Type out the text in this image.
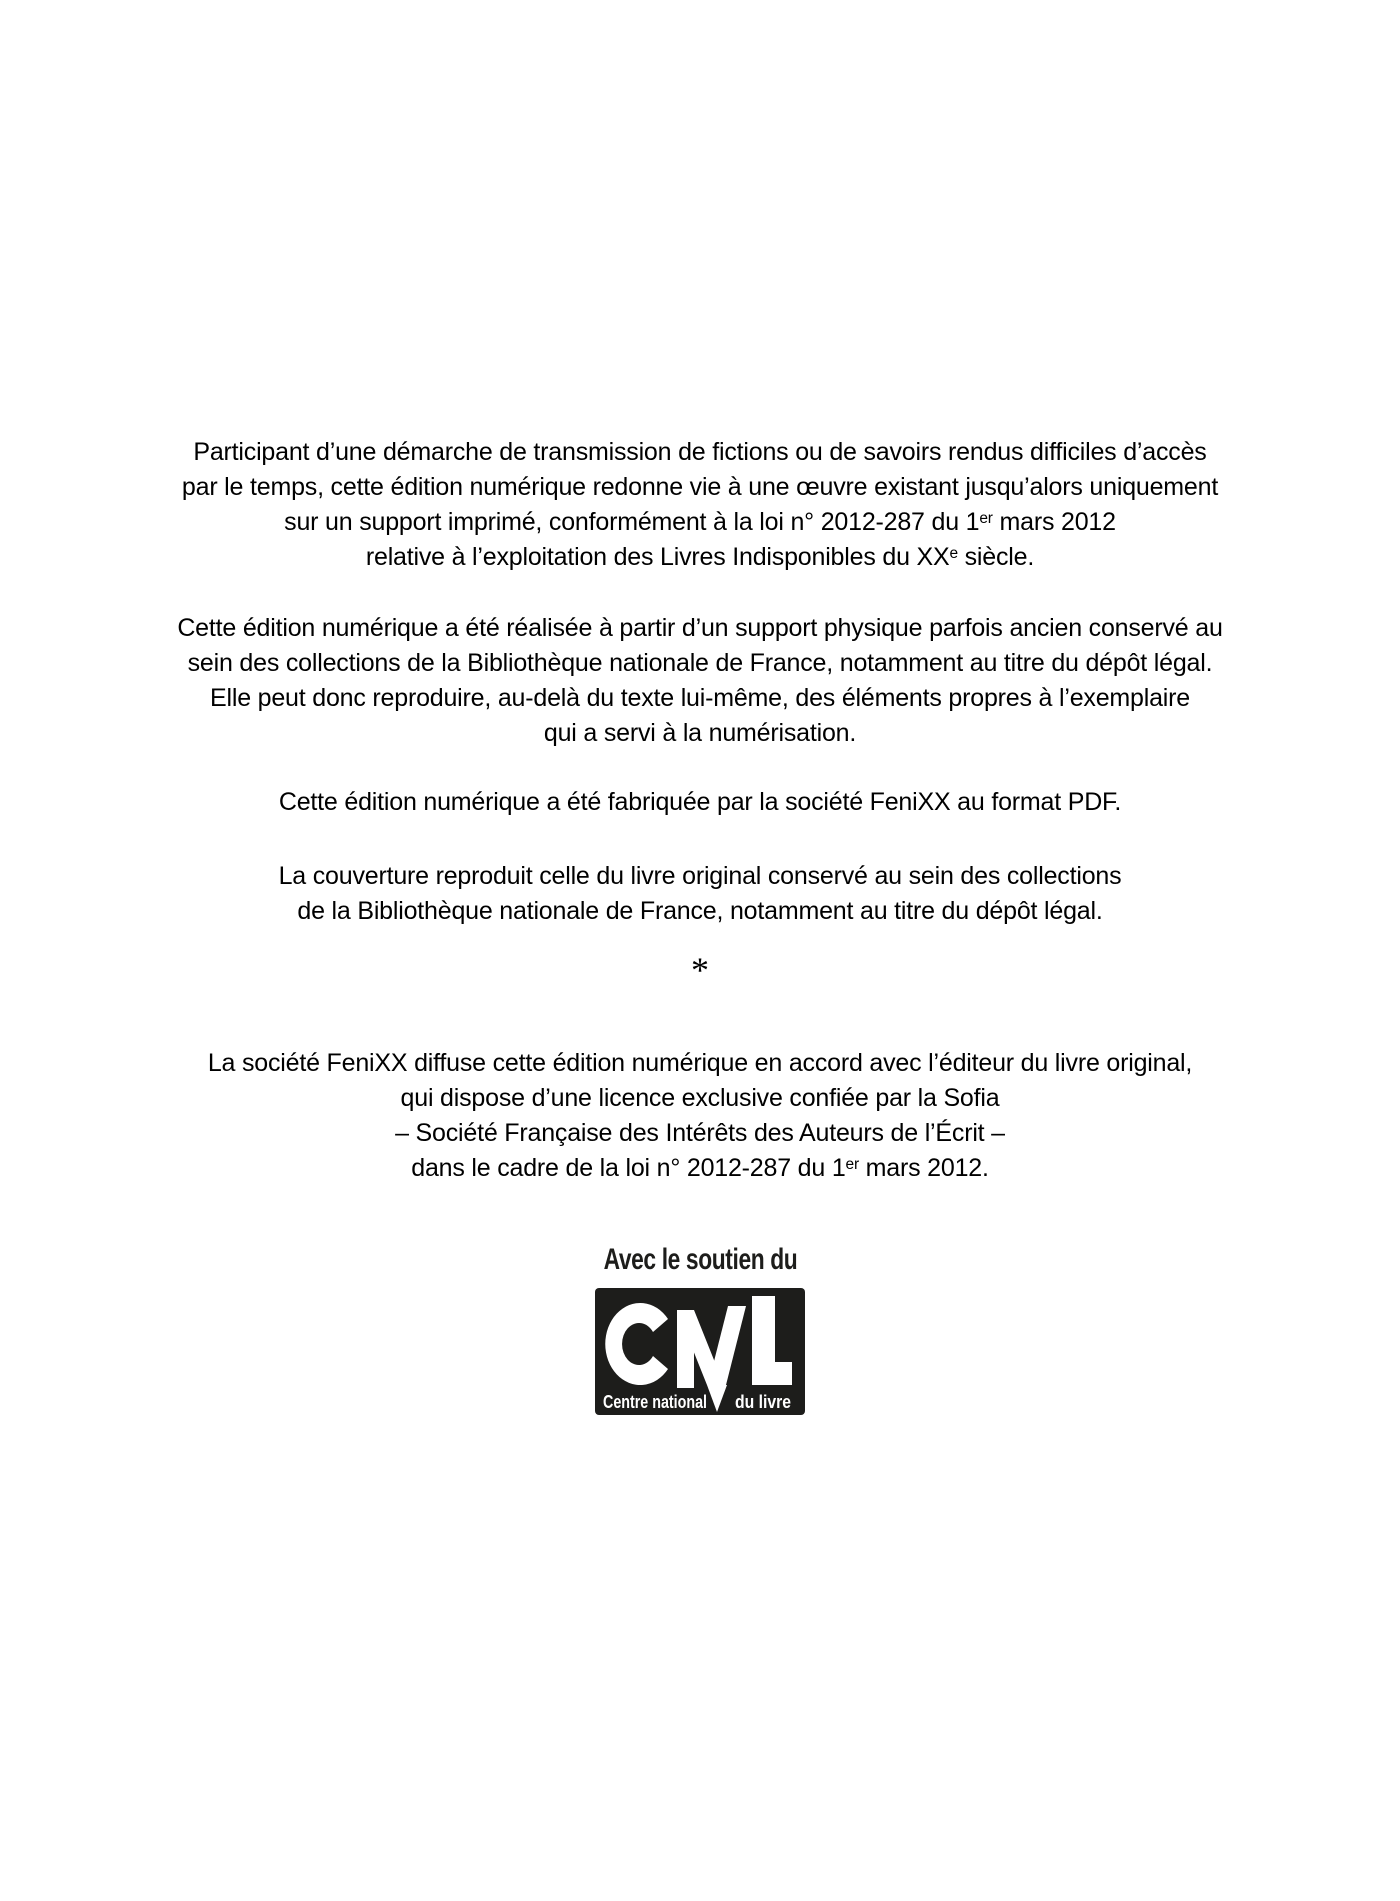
Participant d’une démarche de transmission de fictions ou de savoirs rendus difficiles d’accès
par le temps, cette édition numérique redonne vie à une œuvre existant jusqu’alors uniquement
sur un support imprimé, conformément à la loi n° 2012-287 du 1er mars 2012
relative à l’exploitation des Livres Indisponibles du XXe siècle.
Cette édition numérique a été réalisée à partir d’un support physique parfois ancien conservé au
sein des collections de la Bibliothèque nationale de France, notamment au titre du dépôt légal.
Elle peut donc reproduire, au-delà du texte lui-même, des éléments propres à l’exemplaire
qui a servi à la numérisation.
Cette édition numérique a été fabriquée par la société FeniXX au format PDF.
La couverture reproduit celle du livre original conservé au sein des collections
de la Bibliothèque nationale de France, notamment au titre du dépôt légal.
*
La société FeniXX diffuse cette édition numérique en accord avec l’éditeur du livre original,
qui dispose d’une licence exclusive confiée par la Sofia
– Société Française des Intérêts des Auteurs de l’Écrit –
dans le cadre de la loi n° 2012-287 du 1er mars 2012.
Avec le soutien du
Centre national du livre
